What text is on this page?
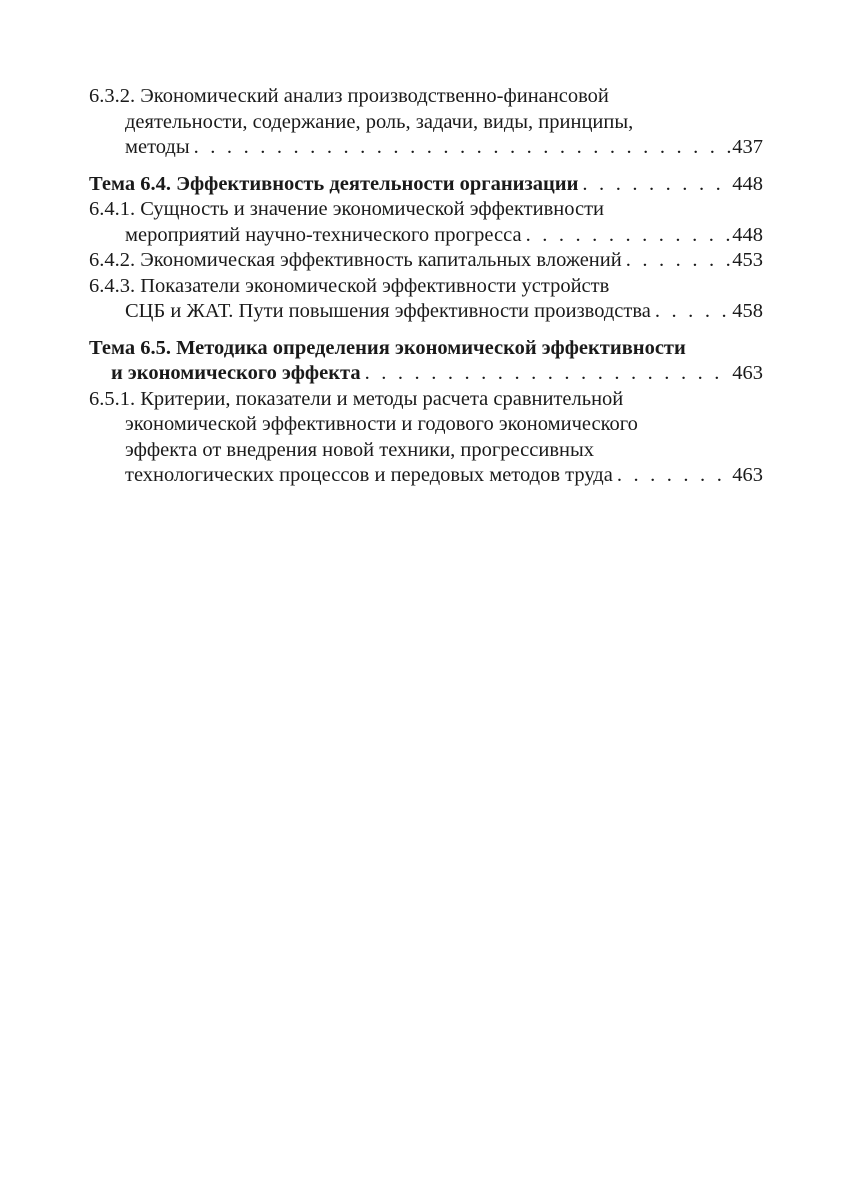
6.3.2. Экономический анализ производственно-финансовой
деятельности, содержание, роль, задачи, виды, принципы,
методы . . .	437
Тема 6.4. Эффективность деятельности организации . . .	448
6.4.1. Сущность и значение экономической эффективности
мероприятий научно-технического прогресса . . .	448
6.4.2. Экономическая эффективность капитальных вложений . . .	453
6.4.3. Показатели экономической эффективности устройств
СЦБ и ЖАТ. Пути повышения эффективности производства . . .	458
Тема 6.5. Методика определения экономической эффективности
и экономического эффекта . . .	463
6.5.1. Критерии, показатели и методы расчета сравнительной
экономической эффективности и годового экономического
эффекта от внедрения новой техники, прогрессивных
технологических процессов и передовых методов труда . . .	463
